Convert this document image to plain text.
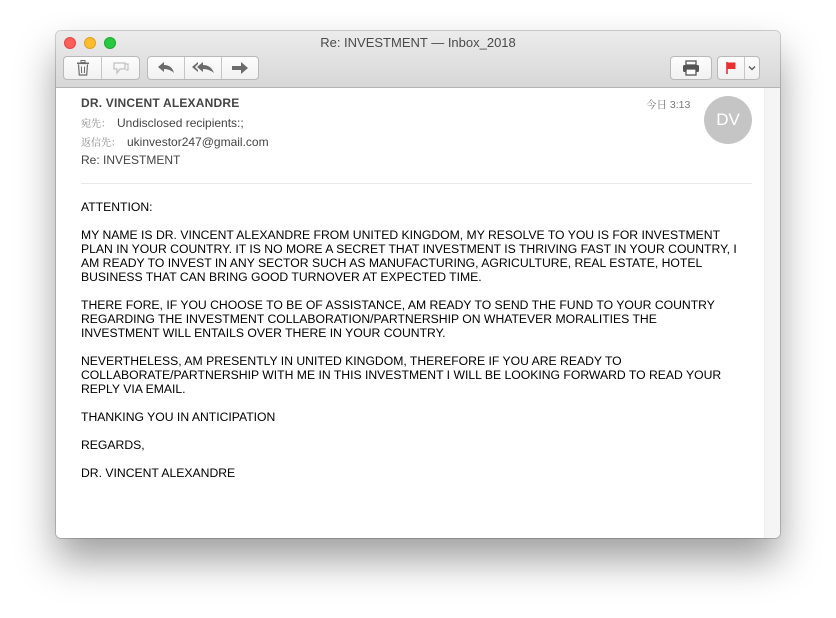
Re: INVESTMENT — Inbox_2018
DR. VINCENT ALEXANDRE
宛先： Undisclosed recipients:;
返信先： ukinvestor247@gmail.com
Re: INVESTMENT
今日 3:13
DV

ATTENTION:

MY NAME IS DR. VINCENT ALEXANDRE FROM UNITED KINGDOM, MY RESOLVE TO YOU IS FOR INVESTMENT
PLAN IN YOUR COUNTRY. IT IS NO MORE A SECRET THAT INVESTMENT IS THRIVING FAST IN YOUR COUNTRY, I
AM READY TO INVEST IN ANY SECTOR SUCH AS MANUFACTURING, AGRICULTURE, REAL ESTATE, HOTEL
BUSINESS THAT CAN BRING GOOD TURNOVER AT EXPECTED TIME.

THERE FORE, IF YOU CHOOSE TO BE OF ASSISTANCE, AM READY TO SEND THE FUND TO YOUR COUNTRY
REGARDING THE INVESTMENT COLLABORATION/PARTNERSHIP ON WHATEVER MORALITIES THE
INVESTMENT WILL ENTAILS OVER THERE IN YOUR COUNTRY.

NEVERTHELESS, AM PRESENTLY IN UNITED KINGDOM, THEREFORE IF YOU ARE READY TO
COLLABORATE/PARTNERSHIP WITH ME IN THIS INVESTMENT I WILL BE LOOKING FORWARD TO READ YOUR
REPLY VIA EMAIL.

THANKING YOU IN ANTICIPATION

REGARDS,

DR. VINCENT ALEXANDRE
